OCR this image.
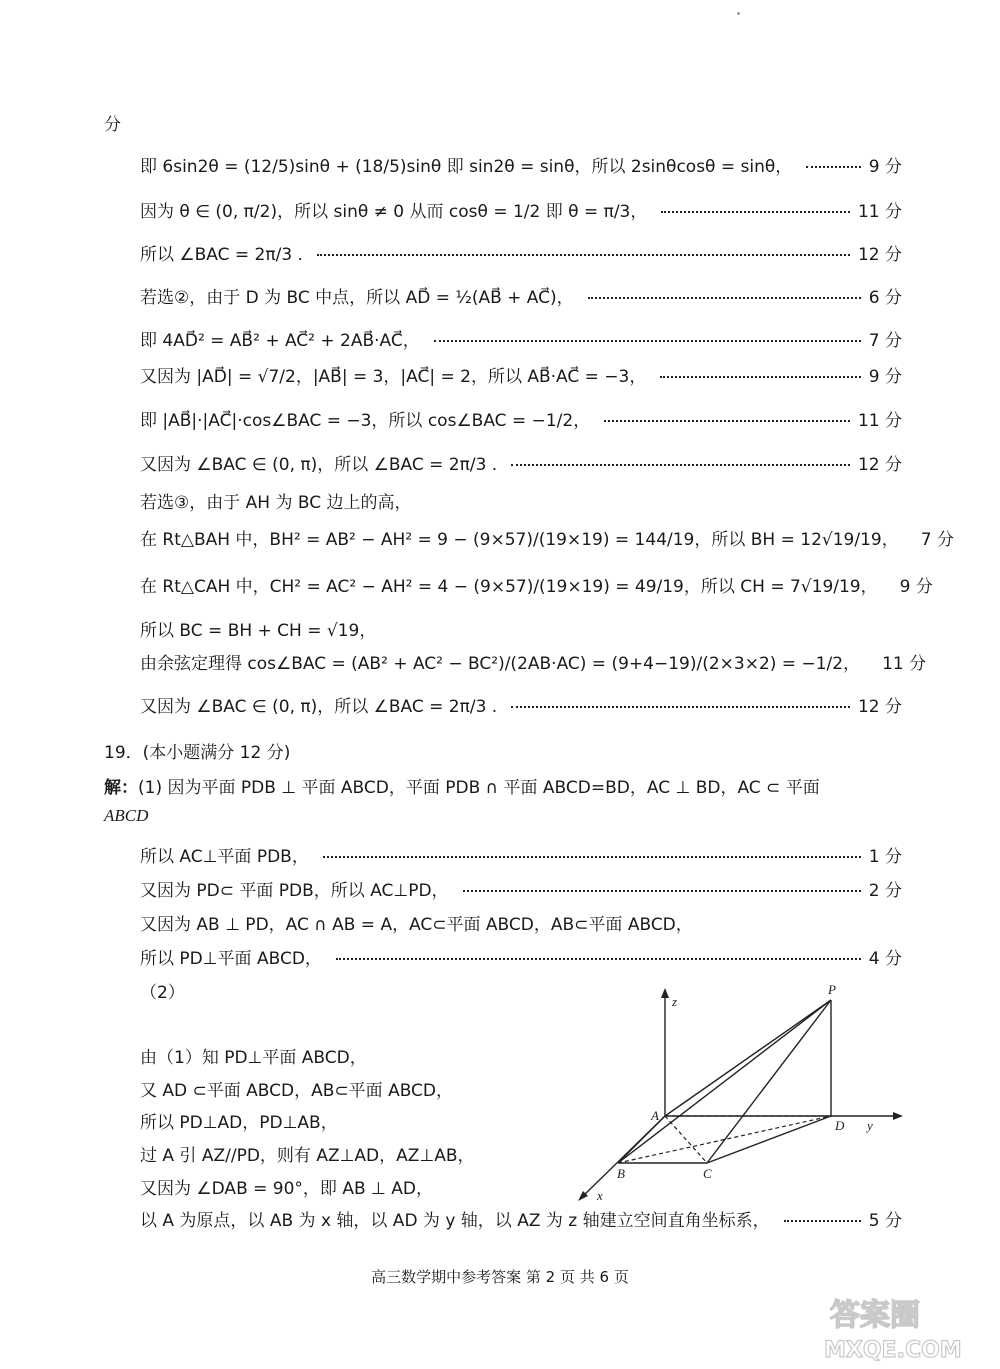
分
即 6sin2θ = (12/5)sinθ + (18/5)sinθ 即 sin2θ = sinθ，所以 2sinθcosθ = sinθ，	9 分
因为 θ ∈ (0, π/2)，所以 sinθ ≠ 0 从而 cosθ = 1/2 即 θ = π/3，	11 分
所以 ∠BAC = 2π/3 .	12 分
若选②，由于 D 为 BC 中点，所以 AD⃗ = ½(AB⃗ + AC⃗)，	6 分
即 4AD⃗² = AB⃗² + AC⃗² + 2AB⃗·AC⃗，	7 分
又因为 |AD⃗| = √7/2，|AB⃗| = 3，|AC⃗| = 2，所以 AB⃗·AC⃗ = −3，	9 分
即 |AB⃗|·|AC⃗|·cos∠BAC = −3，所以 cos∠BAC = −1/2，	11 分
又因为 ∠BAC ∈ (0, π)，所以 ∠BAC = 2π/3 .	12 分
若选③，由于 AH 为 BC 边上的高，
在 Rt△BAH 中，BH² = AB² − AH² = 9 − (9×57)/(19×19) = 144/19，所以 BH = 12√19/19， 7 分
在 Rt△CAH 中，CH² = AC² − AH² = 4 − (9×57)/(19×19) = 49/19，所以 CH = 7√19/19， 9 分
所以 BC = BH + CH = √19，
由余弦定理得 cos∠BAC = (AB² + AC² − BC²)/(2AB·AC) = (9+4−19)/(2×3×2) = −1/2， 11 分
又因为 ∠BAC ∈ (0, π)，所以 ∠BAC = 2π/3 .	12 分
19．(本小题满分 12 分)
解：(1) 因为平面 PDB ⊥ 平面 ABCD，平面 PDB ∩ 平面 ABCD=BD，AC ⊥ BD，AC ⊂ 平面
ABCD
所以 AC⊥平面 PDB，	1 分
又因为 PD⊂ 平面 PDB，所以 AC⊥PD，	2 分
又因为 AB ⊥ PD，AC ∩ AB = A，AC⊂平面 ABCD，AB⊂平面 ABCD，
所以 PD⊥平面 ABCD，	4 分
（2）
由（1）知 PD⊥平面 ABCD，
又 AD ⊂平面 ABCD，AB⊂平面 ABCD，
所以 PD⊥AD，PD⊥AB，
过 A 引 AZ//PD，则有 AZ⊥AD，AZ⊥AB，
又因为 ∠DAB = 90°，即 AB ⊥ AD，
以 A 为原点，以 AB 为 x 轴，以 AD 为 y 轴，以 AZ 为 z 轴建立空间直角坐标系，	5 分
z
P
A
D y
B	C
x
高三数学期中参考答案 第 2 页 共 6 页
答案圈
MXQE.COM
